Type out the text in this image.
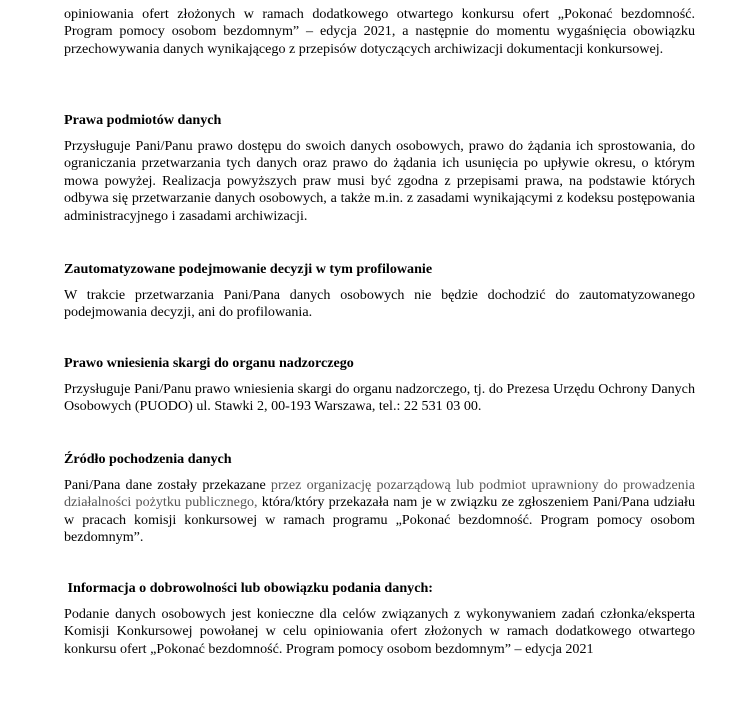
opiniowania ofert złożonych w ramach dodatkowego otwartego konkursu ofert „Pokonać bezdomność. Program pomocy osobom bezdomnym” – edycja 2021, a następnie do momentu wygaśnięcia obowiązku przechowywania danych wynikającego z przepisów dotyczących archiwizacji dokumentacji konkursowej.

Prawa podmiotów danych

Przysługuje Pani/Panu prawo dostępu do swoich danych osobowych, prawo do żądania ich sprostowania, do ograniczania przetwarzania tych danych oraz prawo do żądania ich usunięcia po upływie okresu, o którym mowa powyżej. Realizacja powyższych praw musi być zgodna z przepisami prawa, na podstawie których odbywa się przetwarzanie danych osobowych, a także m.in. z zasadami wynikającymi z kodeksu postępowania administracyjnego i zasadami archiwizacji.

Zautomatyzowane podejmowanie decyzji w tym profilowanie

W trakcie przetwarzania Pani/Pana danych osobowych nie będzie dochodzić do zautomatyzowanego podejmowania decyzji, ani do profilowania.

Prawo wniesienia skargi do organu nadzorczego

Przysługuje Pani/Panu prawo wniesienia skargi do organu nadzorczego, tj. do Prezesa Urzędu Ochrony Danych Osobowych (PUODO) ul. Stawki 2, 00-193 Warszawa, tel.: 22 531 03 00.

Źródło pochodzenia danych

Pani/Pana dane zostały przekazane przez organizację pozarządową lub podmiot uprawniony do prowadzenia działalności pożytku publicznego, która/który przekazała nam je w związku ze zgłoszeniem Pani/Pana udziału w pracach komisji konkursowej w ramach programu „Pokonać bezdomność. Program pomocy osobom bezdomnym”.

Informacja o dobrowolności lub obowiązku podania danych:

Podanie danych osobowych jest konieczne dla celów związanych z wykonywaniem zadań członka/eksperta Komisji Konkursowej powołanej w celu opiniowania ofert złożonych w ramach dodatkowego otwartego konkursu ofert „Pokonać bezdomność. Program pomocy osobom bezdomnym” – edycja 2021
